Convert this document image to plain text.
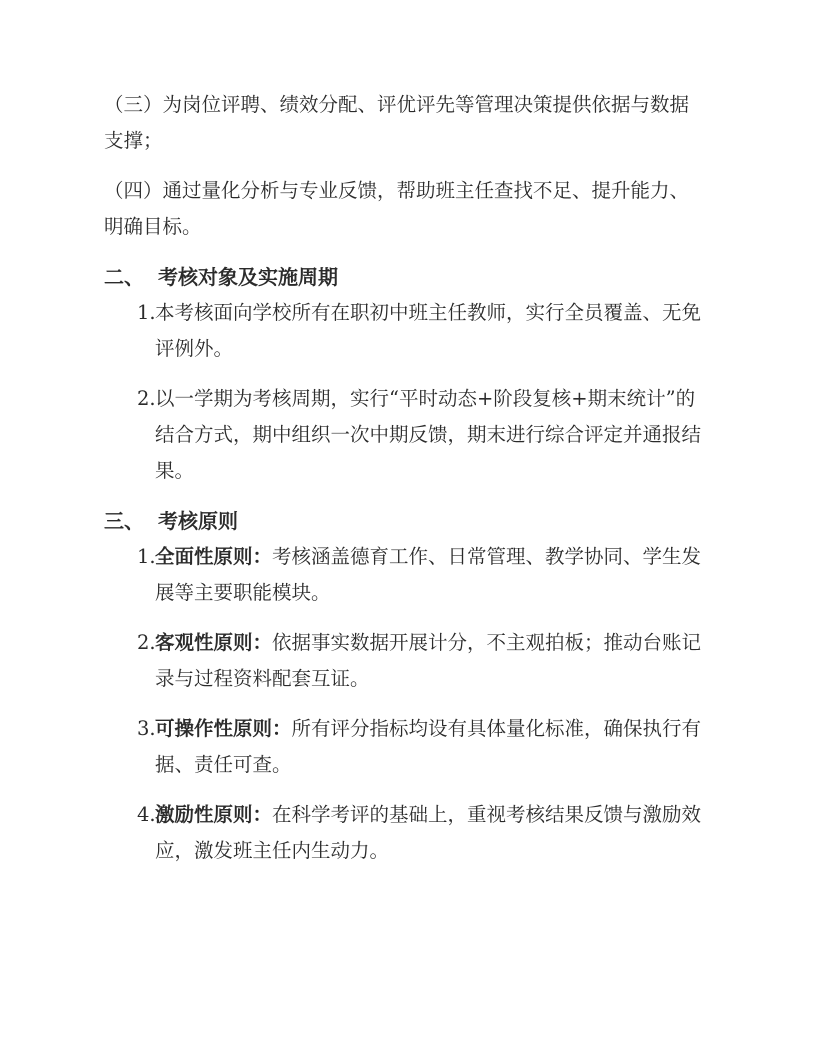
（三）为岗位评聘、绩效分配、评优评先等管理决策提供依据与数据支撑；

（四）通过量化分析与专业反馈，帮助班主任查找不足、提升能力、明确目标。

二、 考核对象及实施周期
1. 本考核面向学校所有在职初中班主任教师，实行全员覆盖、无免评例外。
2. 以一学期为考核周期，实行“平时动态+阶段复核+期末统计”的结合方式，期中组织一次中期反馈，期末进行综合评定并通报结果。
三、 考核原则
1. 全面性原则：考核涵盖德育工作、日常管理、教学协同、学生发展等主要职能模块。
2. 客观性原则：依据事实数据开展计分，不主观拍板；推动台账记录与过程资料配套互证。
3. 可操作性原则：所有评分指标均设有具体量化标准，确保执行有据、责任可查。
4. 激励性原则：在科学考评的基础上，重视考核结果反馈与激励效应，激发班主任内生动力。
